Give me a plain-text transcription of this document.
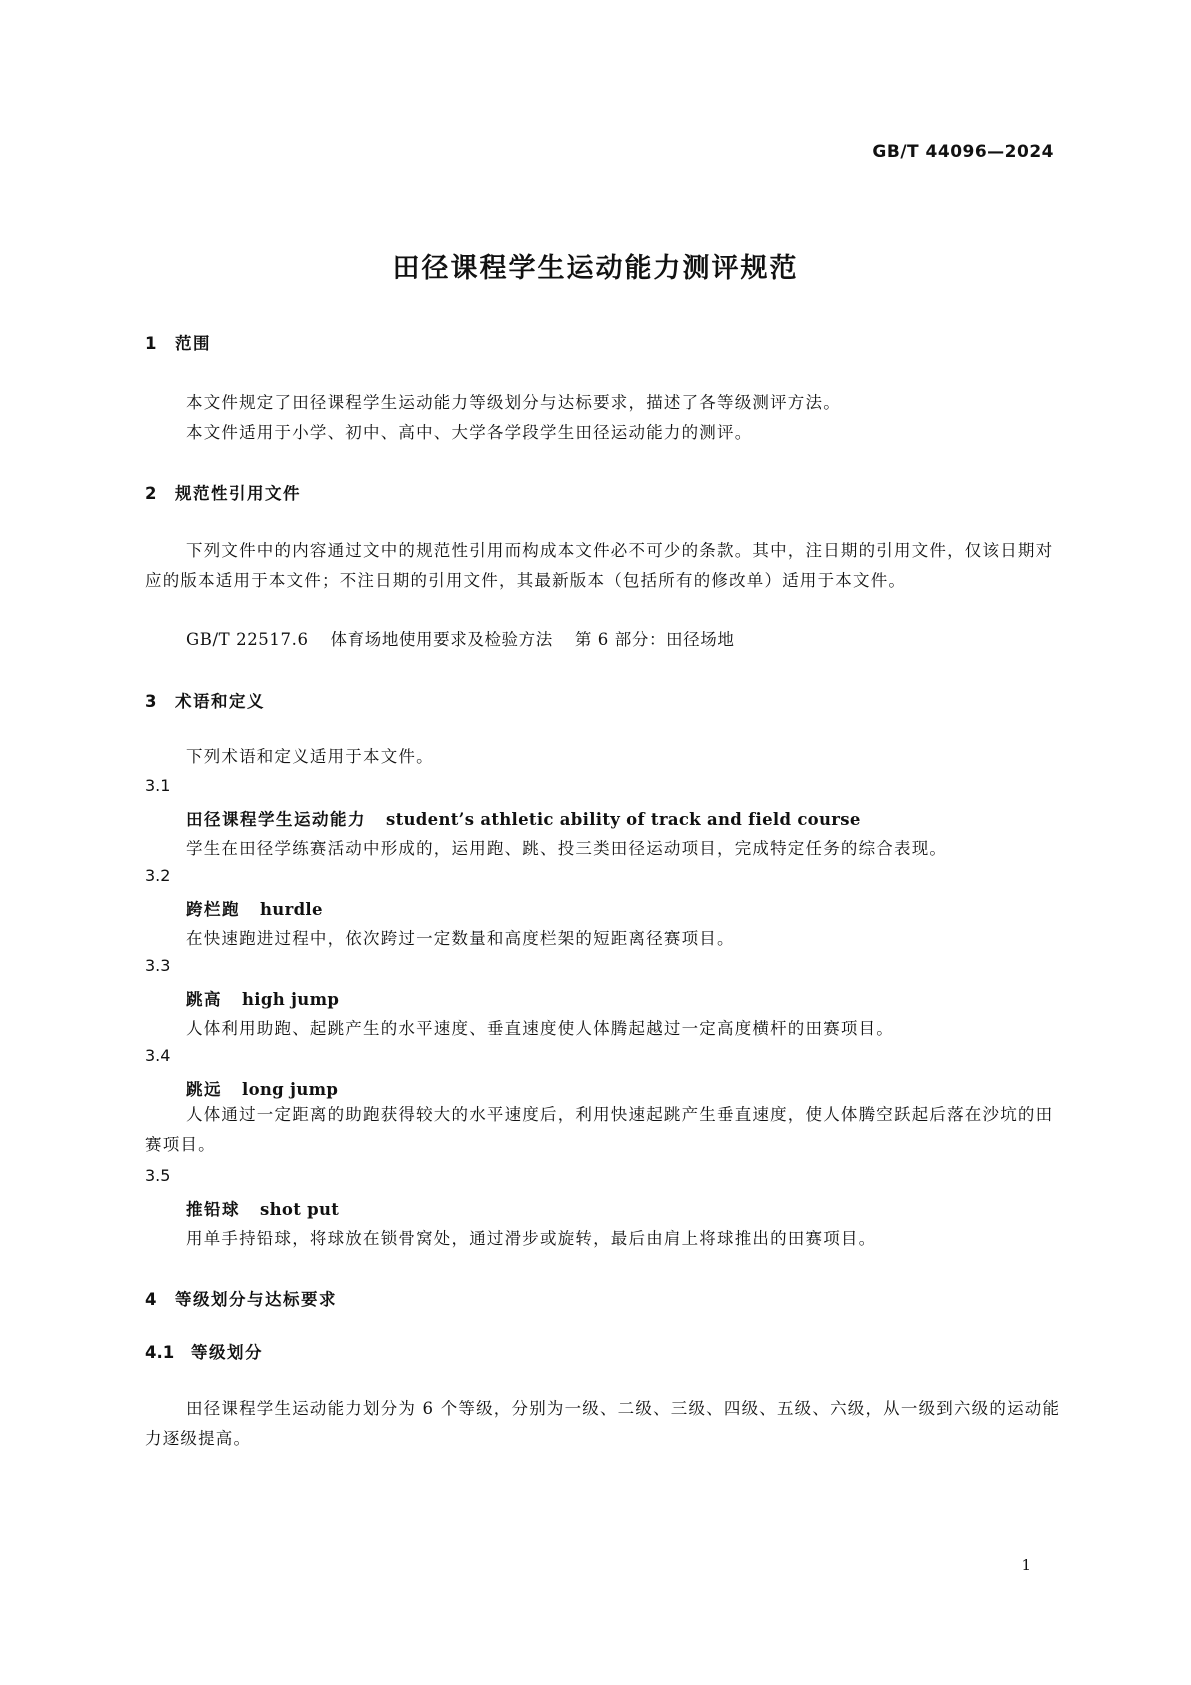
GB/T 44096—2024
田径课程学生运动能力测评规范
1 范围
本文件规定了田径课程学生运动能力等级划分与达标要求，描述了各等级测评方法。
本文件适用于小学、初中、高中、大学各学段学生田径运动能力的测评。
2 规范性引用文件
下列文件中的内容通过文中的规范性引用而构成本文件必不可少的条款。其中，注日期的引用文件，仅该日期对应的版本适用于本文件；不注日期的引用文件，其最新版本（包括所有的修改单）适用于本文件。
GB/T 22517.6 体育场地使用要求及检验方法 第 6 部分：田径场地
3 术语和定义
下列术语和定义适用于本文件。
3.1
田径课程学生运动能力 student’s athletic ability of track and field course
学生在田径学练赛活动中形成的，运用跑、跳、投三类田径运动项目，完成特定任务的综合表现。
3.2
跨栏跑 hurdle
在快速跑进过程中，依次跨过一定数量和高度栏架的短距离径赛项目。
3.3
跳高 high jump
人体利用助跑、起跳产生的水平速度、垂直速度使人体腾起越过一定高度横杆的田赛项目。
3.4
跳远 long jump
人体通过一定距离的助跑获得较大的水平速度后，利用快速起跳产生垂直速度，使人体腾空跃起后落在沙坑的田赛项目。
3.5
推铅球 shot put
用单手持铅球，将球放在锁骨窝处，通过滑步或旋转，最后由肩上将球推出的田赛项目。
4 等级划分与达标要求
4.1 等级划分
田径课程学生运动能力划分为 6 个等级，分别为一级、二级、三级、四级、五级、六级，从一级到六级的运动能力逐级提高。
1
